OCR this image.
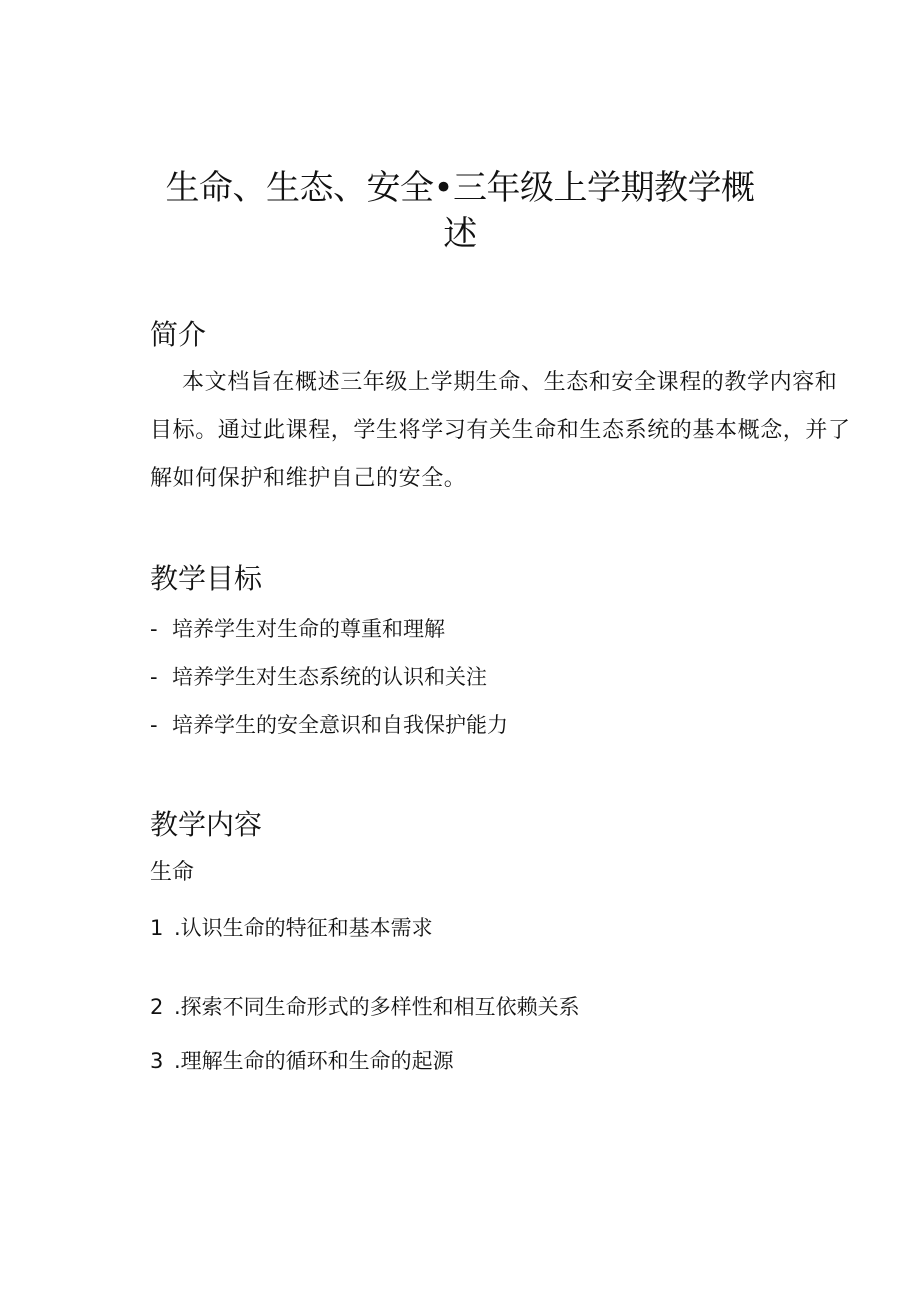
生命、生态、安全•三年级上学期教学概
述
简介
本文档旨在概述三年级上学期生命、生态和安全课程的教学内容和
目标。通过此课程，学生将学习有关生命和生态系统的基本概念，并了
解如何保护和维护自己的安全。
教学目标
- 培养学生对生命的尊重和理解
- 培养学生对生态系统的认识和关注
- 培养学生的安全意识和自我保护能力
教学内容
生命
1 .认识生命的特征和基本需求
2 .探索不同生命形式的多样性和相互依赖关系
3 .理解生命的循环和生命的起源
